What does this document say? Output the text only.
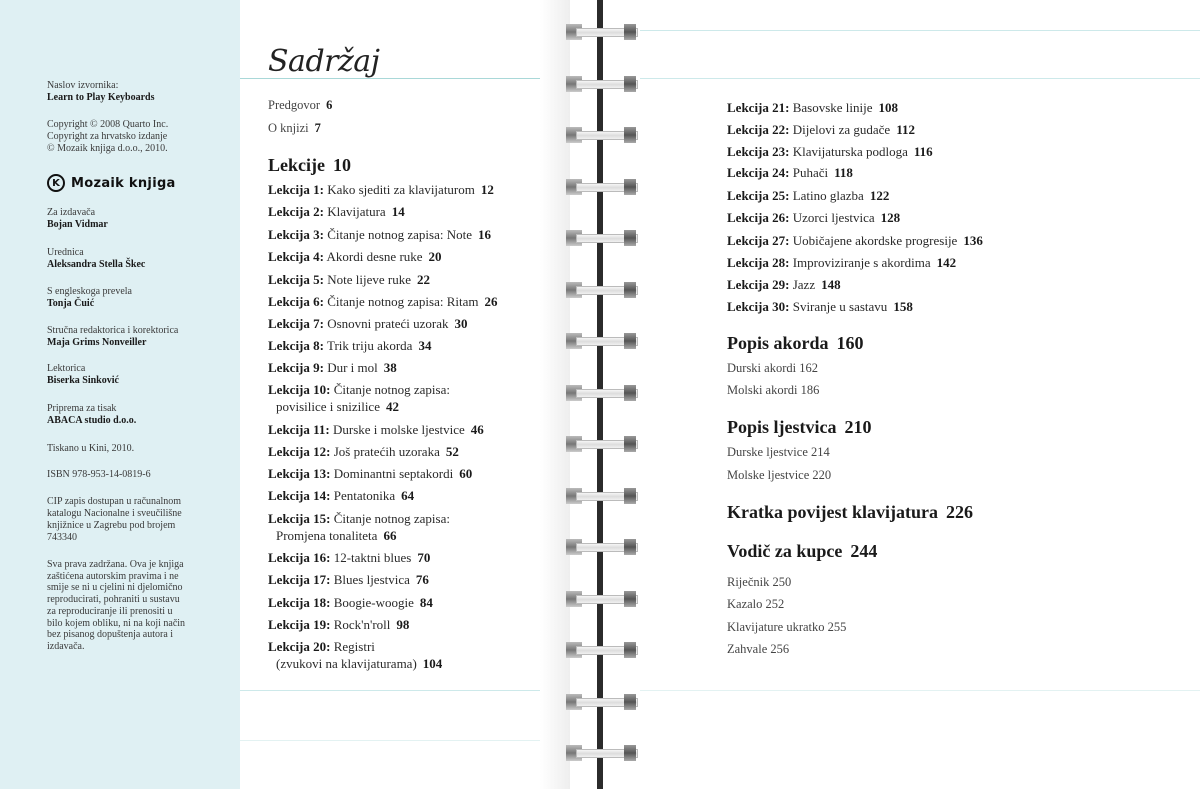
K Mozaik knjiga
Naslov izvornika:
Learn to Play Keyboards
Copyright © 2008 Quarto Inc.
Copyright za hrvatsko izdanje
© Mozaik knjiga d.o.o., 2010.
Za izdavača
Bojan Vidmar
Urednica
Aleksandra Stella Škec
S engleskoga prevela
Tonja Čuić
Stručna redaktorica i korektorica
Maja Grims Nonveiller
Lektorica
Biserka Sinković
Priprema za tisak
ABACA studio d.o.o.
Tiskano u Kini, 2010.
ISBN 978-953-14-0819-6
CIP zapis dostupan u računalnom
katalogu Nacionalne i sveučilišne
knjižnice u Zagrebu pod brojem
743340
Sva prava zadržana. Ova je knjiga
zaštićena autorskim pravima i ne
smije se ni u cjelini ni djelomično
reproducirati, pohraniti u sustavu
za reproduciranje ili prenositi u
bilo kojem obliku, ni na koji način
bez pisanog dopuštenja autora i
izdavača.
Sadržaj
Predgovor 6
O knjizi 7
Lekcije 10
Lekcija 1: Kako sjediti za klavijaturom 12
Lekcija 2: Klavijatura 14
Lekcija 3: Čitanje notnog zapisa: Note 16
Lekcija 4: Akordi desne ruke 20
Lekcija 5: Note lijeve ruke 22
Lekcija 6: Čitanje notnog zapisa: Ritam 26
Lekcija 7: Osnovni prateći uzorak 30
Lekcija 8: Trik triju akorda 34
Lekcija 9: Dur i mol 38
Lekcija 10: Čitanje notnog zapisa:
povisilice i snizilice 42
Lekcija 11: Durske i molske ljestvice 46
Lekcija 12: Još pratećih uzoraka 52
Lekcija 13: Dominantni septakordi 60
Lekcija 14: Pentatonika 64
Lekcija 15: Čitanje notnog zapisa:
Promjena tonaliteta 66
Lekcija 16: 12-taktni blues 70
Lekcija 17: Blues ljestvica 76
Lekcija 18: Boogie-woogie 84
Lekcija 19: Rock'n'roll 98
Lekcija 20: Registri
(zvukovi na klavijaturama) 104
Lekcija 21: Basovske linije 108
Lekcija 22: Dijelovi za gudače 112
Lekcija 23: Klavijaturska podloga 116
Lekcija 24: Puhači 118
Lekcija 25: Latino glazba 122
Lekcija 26: Uzorci ljestvica 128
Lekcija 27: Uobičajene akordske progresije 136
Lekcija 28: Improviziranje s akordima 142
Lekcija 29: Jazz 148
Lekcija 30: Sviranje u sastavu 158
Popis akorda 160
Durski akordi 162
Molski akordi 186
Popis ljestvica 210
Durske ljestvice 214
Molske ljestvice 220
Kratka povijest klavijatura 226
Vodič za kupce 244
Riječnik 250
Kazalo 252
Klavijature ukratko 255
Zahvale 256
